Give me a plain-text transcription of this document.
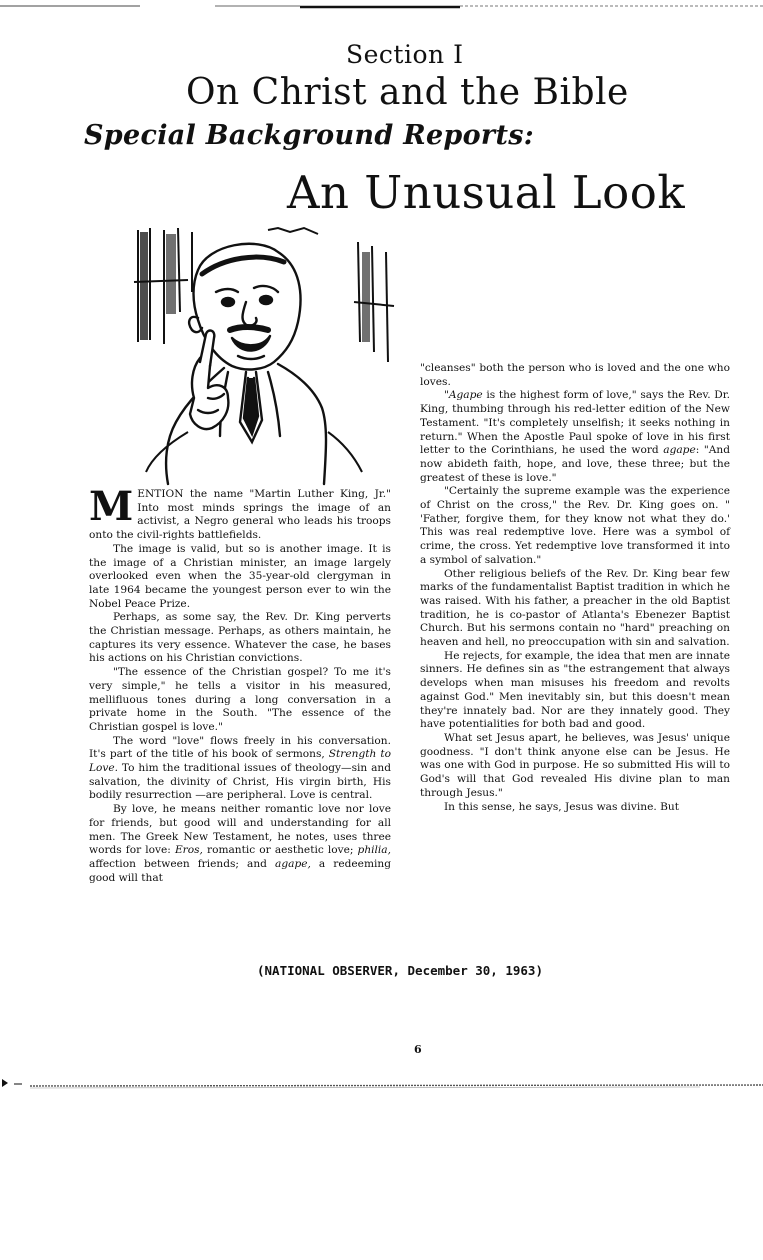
Section I
On Christ and the Bible
Special Background Reports:
An Unusual Look

MENTION the name "Martin Luther King, Jr." Into most minds springs the image of an activist, a Negro general who leads his troops onto the civil-rights battlefields.

The image is valid, but so is another image. It is the image of a Christian minister, an image largely overlooked even when the 35-year-old clergyman in late 1964 became the youngest person ever to win the Nobel Peace Prize.

Perhaps, as some say, the Rev. Dr. King perverts the Christian message. Perhaps, as others maintain, he captures its very essence. Whatever the case, he bases his actions on his Christian convictions.

"The essence of the Christian gospel? To me it's very simple," he tells a visitor in his measured, mellifluous tones during a long conversation in a private home in the South. "The essence of the Christian gospel is love."

The word "love" flows freely in his conversation. It's part of the title of his book of sermons, Strength to Love. To him the traditional issues of theology—sin and salvation, the divinity of Christ, His virgin birth, His bodily resurrection —are peripheral. Love is central.

By love, he means neither romantic love nor love for friends, but good will and understanding for all men. The Greek New Testament, he notes, uses three words for love: Eros, romantic or aesthetic love; philia, affection between friends; and agape, a redeeming good will that

"cleanses" both the person who is loved and the one who loves.

"Agape is the highest form of love," says the Rev. Dr. King, thumbing through his red-letter edition of the New Testament. "It's completely unselfish; it seeks nothing in return." When the Apostle Paul spoke of love in his first letter to the Corinthians, he used the word agape: "And now abideth faith, hope, and love, these three; but the greatest of these is love."

"Certainly the supreme example was the experience of Christ on the cross," the Rev. Dr. King goes on. " 'Father, forgive them, for they know not what they do.' This was real redemptive love. Here was a symbol of crime, the cross. Yet redemptive love transformed it into a symbol of salvation."

Other religious beliefs of the Rev. Dr. King bear few marks of the fundamentalist Baptist tradition in which he was raised. With his father, a preacher in the old Baptist tradition, he is co-pastor of Atlanta's Ebenezer Baptist Church. But his sermons contain no "hard" preaching on heaven and hell, no preoccupation with sin and salvation.

He rejects, for example, the idea that men are innate sinners. He defines sin as "the estrangement that always develops when man misuses his freedom and revolts against God." Men inevitably sin, but this doesn't mean they're innately bad. Nor are they innately good. They have potentialities for both bad and good.

What set Jesus apart, he believes, was Jesus' unique goodness. "I don't think anyone else can be Jesus. He was one with God in purpose. He so submitted His will to God's will that God revealed His divine plan to man through Jesus."

In this sense, he says, Jesus was divine. But

(NATIONAL OBSERVER, December 30, 1963)
6
